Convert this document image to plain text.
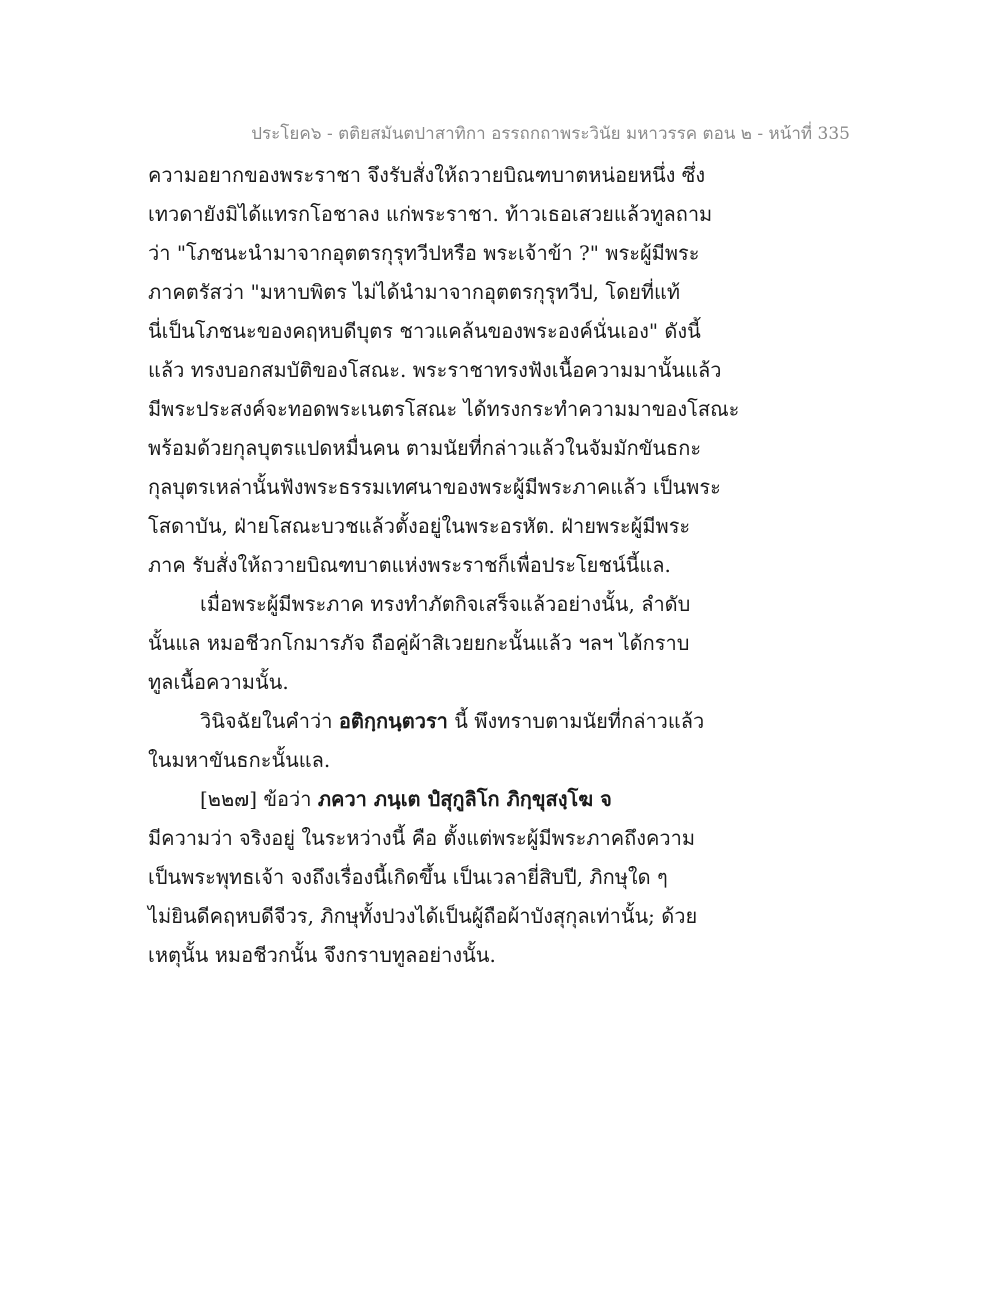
ประโยค๖ - ตติยสมันตปาสาทิกา อรรถกถาพระวินัย มหาวรรค ตอน ๒ - หน้าที่ 335
ความอยากของพระราชา จึงรับสั่งให้ถวายบิณฑบาตหน่อยหนึ่ง ซึ่ง
เทวดายังมิได้แทรกโอชาลง แก่พระราชา. ท้าวเธอเสวยแล้วทูลถาม
ว่า "โภชนะนำมาจากอุตตรกุรุทวีปหรือ พระเจ้าข้า ?" พระผู้มีพระ
ภาคตรัสว่า "มหาบพิตร ไม่ได้นำมาจากอุตตรกุรุทวีป, โดยที่แท้
นี่เป็นโภชนะของคฤหบดีบุตร ชาวแคล้นของพระองค์นั่นเอง" ดังนี้
แล้ว ทรงบอกสมบัติของโสณะ. พระราชาทรงฟังเนื้อความมานั้นแล้ว
มีพระประสงค์จะทอดพระเนตรโสณะ ได้ทรงกระทำความมาของโสณะ
พร้อมด้วยกุลบุตรแปดหมื่นคน ตามนัยที่กล่าวแล้วในจัมมักขันธกะ
กุลบุตรเหล่านั้นฟังพระธรรมเทศนาของพระผู้มีพระภาคแล้ว เป็นพระ
โสดาบัน, ฝ่ายโสณะบวชแล้วตั้งอยู่ในพระอรหัต. ฝ่ายพระผู้มีพระ
ภาค รับสั่งให้ถวายบิณฑบาตแห่งพระราชก็เพื่อประโยชน์นี้แล.
เมื่อพระผู้มีพระภาค ทรงทำภัตกิจเสร็จแล้วอย่างนั้น, ลำดับ
นั้นแล หมอชีวกโกมารภัจ ถือคู่ผ้าสิเวยยกะนั้นแล้ว ฯลฯ ได้กราบ
ทูลเนื้อความนั้น.
วินิจฉัยในคำว่า อติกฺกนฺตวรา นี้ พึงทราบตามนัยที่กล่าวแล้ว
ในมหาขันธกะนั้นแล.
[๒๒๗] ข้อว่า ภควา ภนฺเต ปํสุกูลิโก ภิกฺขุสงฺโฆ จ
มีความว่า จริงอยู่ ในระหว่างนี้ คือ ตั้งแต่พระผู้มีพระภาคถึงความ
เป็นพระพุทธเจ้า จงถึงเรื่องนี้เกิดขึ้น เป็นเวลายี่สิบปี, ภิกษุใด ๆ
ไม่ยินดีคฤหบดีจีวร, ภิกษุทั้งปวงได้เป็นผู้ถือผ้าบังสุกุลเท่านั้น; ด้วย
เหตุนั้น หมอชีวกนั้น จึงกราบทูลอย่างนั้น.
